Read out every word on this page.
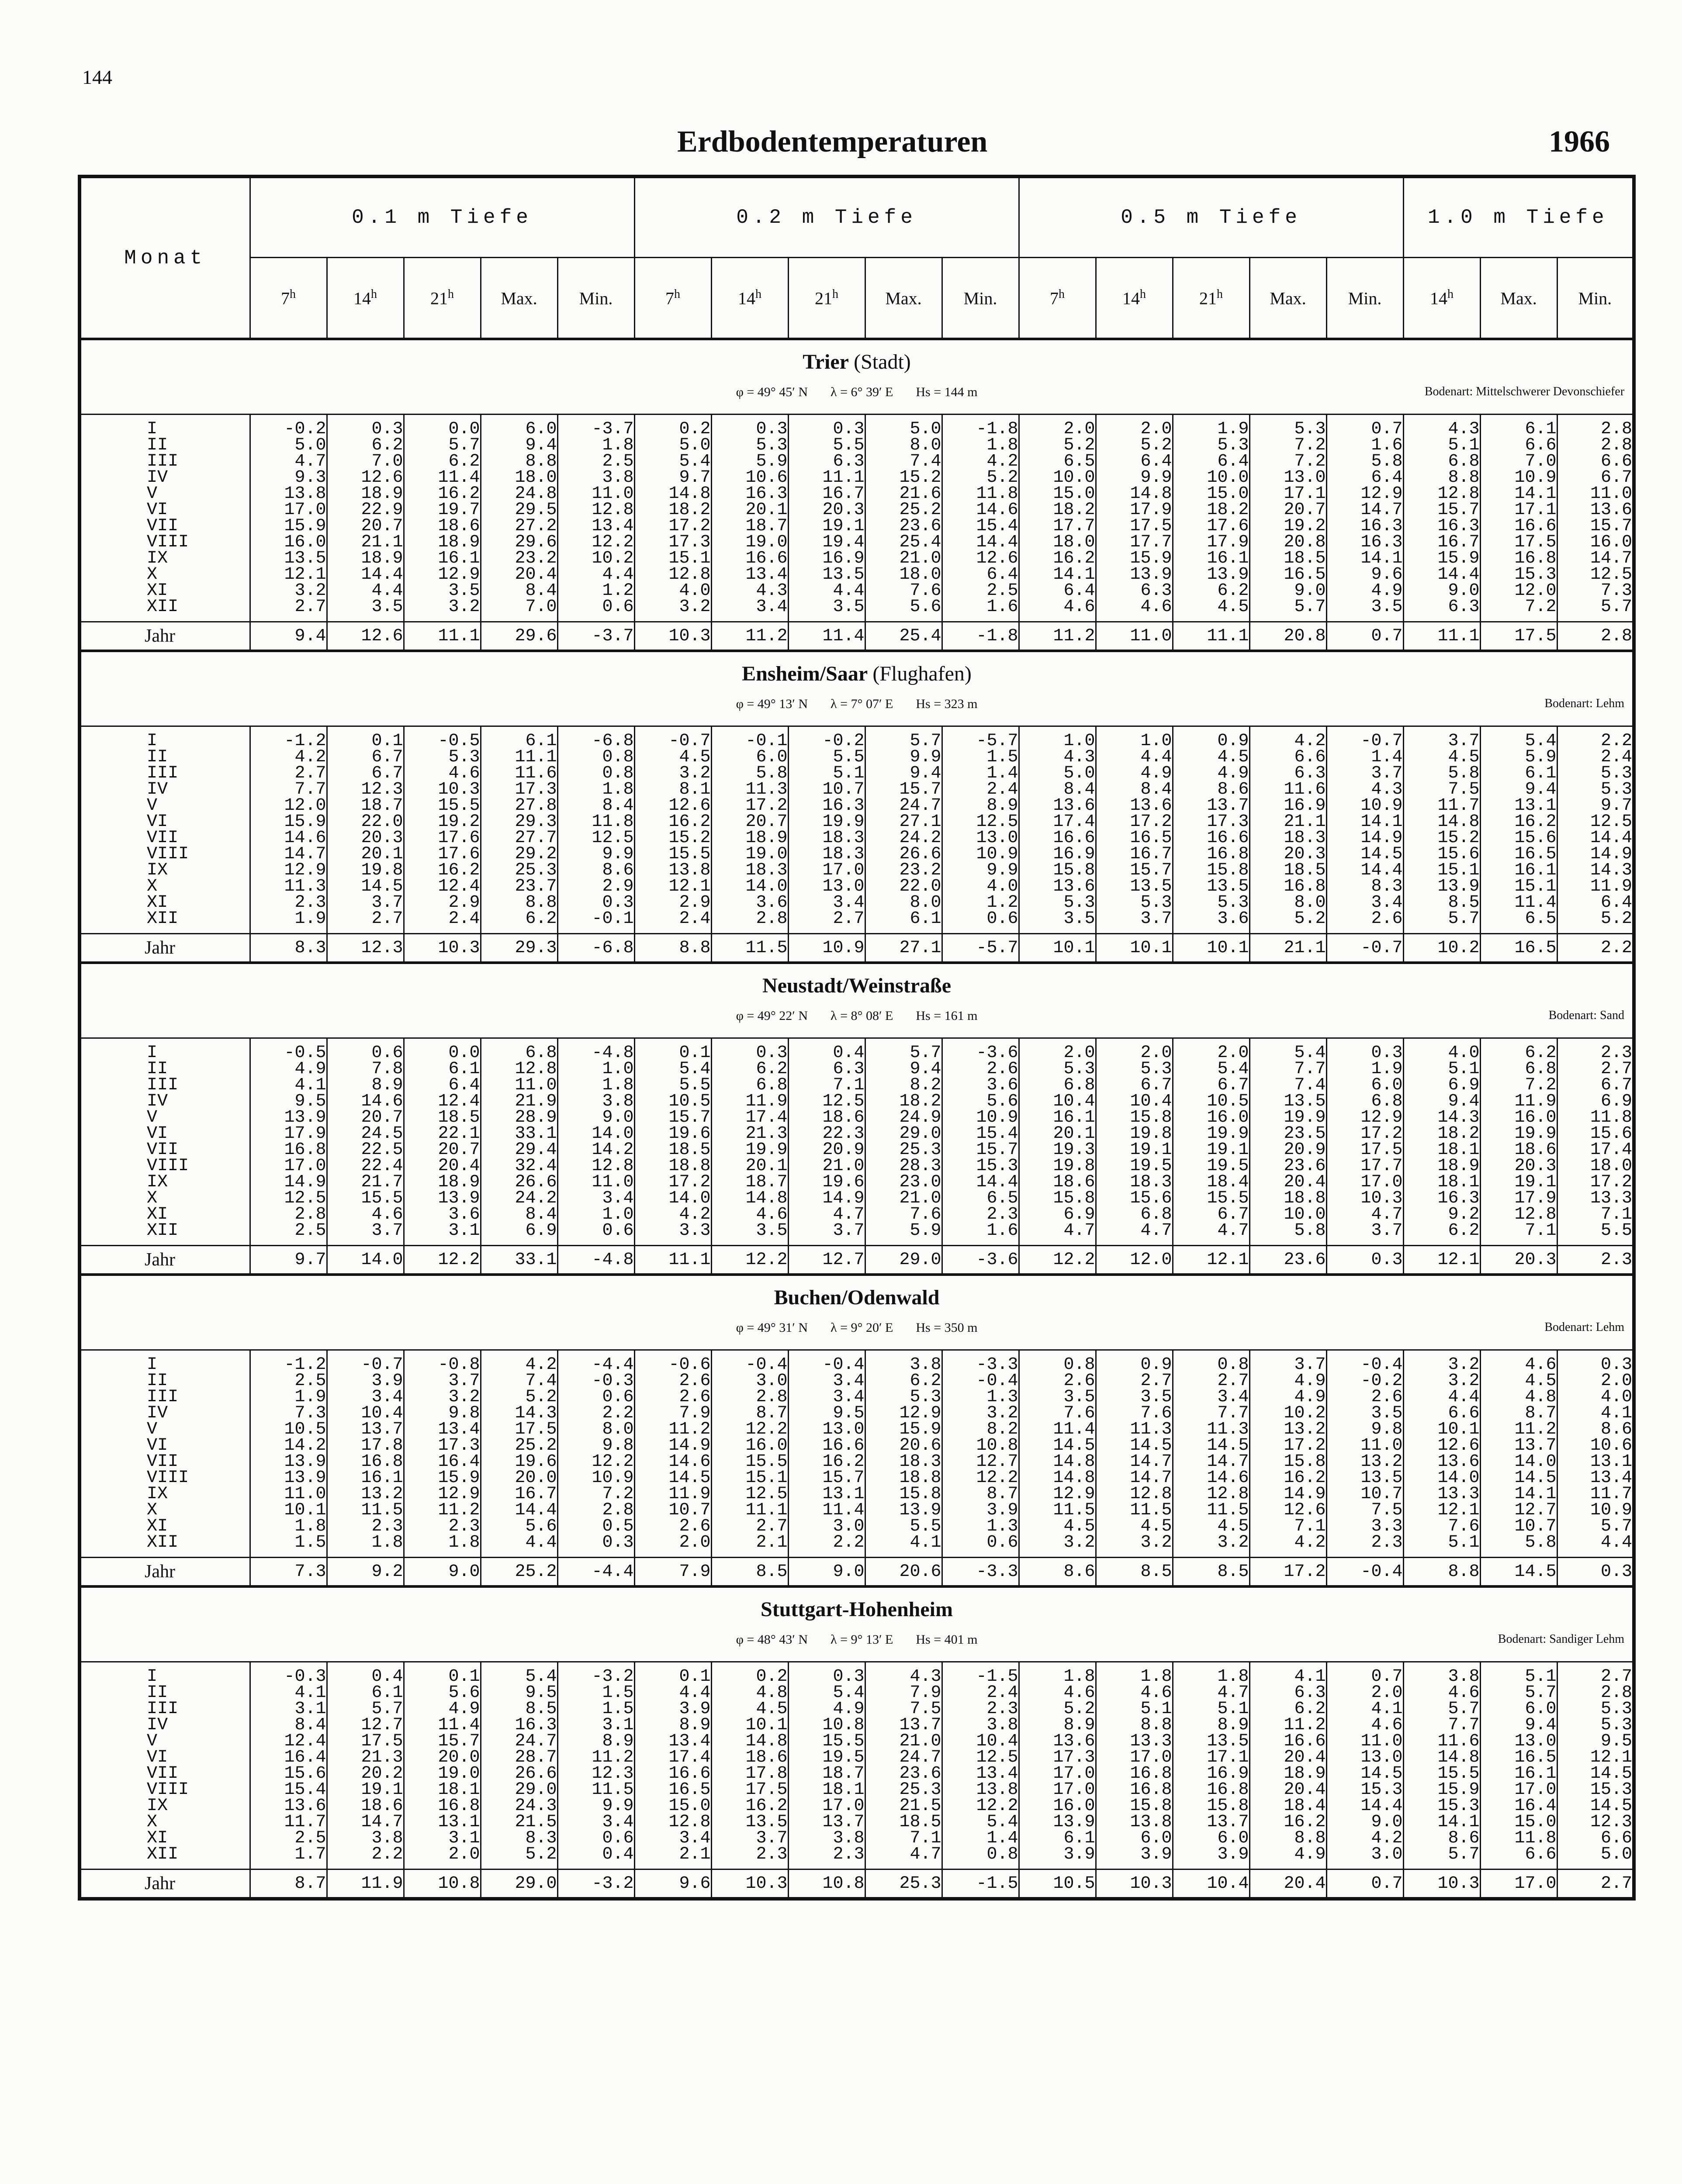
144
Erdbodentemperaturen	1966
Monat	0.1 m Tiefe					0.2 m Tiefe					0.5 m Tiefe					1.0 m Tiefe		
	7$^h$	14$^h$	21$^h$	Max.	Min.	7$^h$	14$^h$	21$^h$	Max.	Min.	7$^h$	14$^h$	21$^h$	Max.	Min.	14$^h$	Max.	Min.

Trier (Stadt)
φ = 49° 45′ N λ = 6° 39′ E Hs = 144 m Bodenart: Mittelschwerer Devonschiefer																		

I	-0.2	0.3	0.0	6.0	-3.7	0.2	0.3	0.3	5.0	-1.8	2.0	2.0	1.9	5.3	0.7	4.3	6.1	2.8
II	5.0	6.2	5.7	9.4	1.8	5.0	5.3	5.5	8.0	1.8	5.2	5.2	5.3	7.2	1.6	5.1	6.6	2.8
III	4.7	7.0	6.2	8.8	2.5	5.4	5.9	6.3	7.4	4.2	6.5	6.4	6.4	7.2	5.8	6.8	7.0	6.6
IV	9.3	12.6	11.4	18.0	3.8	9.7	10.6	11.1	15.2	5.2	10.0	9.9	10.0	13.0	6.4	8.8	10.9	6.7
V	13.8	18.9	16.2	24.8	11.0	14.8	16.3	16.7	21.6	11.8	15.0	14.8	15.0	17.1	12.9	12.8	14.1	11.0
VI	17.0	22.9	19.7	29.5	12.8	18.2	20.1	20.3	25.2	14.6	18.2	17.9	18.2	20.7	14.7	15.7	17.1	13.6
VII	15.9	20.7	18.6	27.2	13.4	17.2	18.7	19.1	23.6	15.4	17.7	17.5	17.6	19.2	16.3	16.3	16.6	15.7
VIII	16.0	21.1	18.9	29.6	12.2	17.3	19.0	19.4	25.4	14.4	18.0	17.7	17.9	20.8	16.3	16.7	17.5	16.0
IX	13.5	18.9	16.1	23.2	10.2	15.1	16.6	16.9	21.0	12.6	16.2	15.9	16.1	18.5	14.1	15.9	16.8	14.7
X	12.1	14.4	12.9	20.4	4.4	12.8	13.4	13.5	18.0	6.4	14.1	13.9	13.9	16.5	9.6	14.4	15.3	12.5
XI	3.2	4.4	3.5	8.4	1.2	4.0	4.3	4.4	7.6	2.5	6.4	6.3	6.2	9.0	4.9	9.0	12.0	7.3
XII	2.7	3.5	3.2	7.0	0.6	3.2	3.4	3.5	5.6	1.6	4.6	4.6	4.5	5.7	3.5	6.3	7.2	5.7
Jahr	9.4	12.6	11.1	29.6	-3.7	10.3	11.2	11.4	25.4	-1.8	11.2	11.0	11.1	20.8	0.7	11.1	17.5	2.8

Ensheim/Saar (Flughafen)
φ = 49° 13′ N λ = 7° 07′ E Hs = 323 m Bodenart: Lehm																		

I	-1.2	0.1	-0.5	6.1	-6.8	-0.7	-0.1	-0.2	5.7	-5.7	1.0	1.0	0.9	4.2	-0.7	3.7	5.4	2.2
II	4.2	6.7	5.3	11.1	0.8	4.5	6.0	5.5	9.9	1.5	4.3	4.4	4.5	6.6	1.4	4.5	5.9	2.4
III	2.7	6.7	4.6	11.6	0.8	3.2	5.8	5.1	9.4	1.4	5.0	4.9	4.9	6.3	3.7	5.8	6.1	5.3
IV	7.7	12.3	10.3	17.3	1.8	8.1	11.3	10.7	15.7	2.4	8.4	8.4	8.6	11.6	4.3	7.5	9.4	5.3
V	12.0	18.7	15.5	27.8	8.4	12.6	17.2	16.3	24.7	8.9	13.6	13.6	13.7	16.9	10.9	11.7	13.1	9.7
VI	15.9	22.0	19.2	29.3	11.8	16.2	20.7	19.9	27.1	12.5	17.4	17.2	17.3	21.1	14.1	14.8	16.2	12.5
VII	14.6	20.3	17.6	27.7	12.5	15.2	18.9	18.3	24.2	13.0	16.6	16.5	16.6	18.3	14.9	15.2	15.6	14.4
VIII	14.7	20.1	17.6	29.2	9.9	15.5	19.0	18.3	26.6	10.9	16.9	16.7	16.8	20.3	14.5	15.6	16.5	14.9
IX	12.9	19.8	16.2	25.3	8.6	13.8	18.3	17.0	23.2	9.9	15.8	15.7	15.8	18.5	14.4	15.1	16.1	14.3
X	11.3	14.5	12.4	23.7	2.9	12.1	14.0	13.0	22.0	4.0	13.6	13.5	13.5	16.8	8.3	13.9	15.1	11.9
XI	2.3	3.7	2.9	8.8	0.3	2.9	3.6	3.4	8.0	1.2	5.3	5.3	5.3	8.0	3.4	8.5	11.4	6.4
XII	1.9	2.7	2.4	6.2	-0.1	2.4	2.8	2.7	6.1	0.6	3.5	3.7	3.6	5.2	2.6	5.7	6.5	5.2
Jahr	8.3	12.3	10.3	29.3	-6.8	8.8	11.5	10.9	27.1	-5.7	10.1	10.1	10.1	21.1	-0.7	10.2	16.5	2.2

Neustadt/Weinstraße
φ = 49° 22′ N λ = 8° 08′ E Hs = 161 m Bodenart: Sand																		

I	-0.5	0.6	0.0	6.8	-4.8	0.1	0.3	0.4	5.7	-3.6	2.0	2.0	2.0	5.4	0.3	4.0	6.2	2.3
II	4.9	7.8	6.1	12.8	1.0	5.4	6.2	6.3	9.4	2.6	5.3	5.3	5.4	7.7	1.9	5.1	6.8	2.7
III	4.1	8.9	6.4	11.0	1.8	5.5	6.8	7.1	8.2	3.6	6.8	6.7	6.7	7.4	6.0	6.9	7.2	6.7
IV	9.5	14.6	12.4	21.9	3.8	10.5	11.9	12.5	18.2	5.6	10.4	10.4	10.5	13.5	6.8	9.4	11.9	6.9
V	13.9	20.7	18.5	28.9	9.0	15.7	17.4	18.6	24.9	10.9	16.1	15.8	16.0	19.9	12.9	14.3	16.0	11.8
VI	17.9	24.5	22.1	33.1	14.0	19.6	21.3	22.3	29.0	15.4	20.1	19.8	19.9	23.5	17.2	18.2	19.9	15.6
VII	16.8	22.5	20.7	29.4	14.2	18.5	19.9	20.9	25.3	15.7	19.3	19.1	19.1	20.9	17.5	18.1	18.6	17.4
VIII	17.0	22.4	20.4	32.4	12.8	18.8	20.1	21.0	28.3	15.3	19.8	19.5	19.5	23.6	17.7	18.9	20.3	18.0
IX	14.9	21.7	18.9	26.6	11.0	17.2	18.7	19.6	23.0	14.4	18.6	18.3	18.4	20.4	17.0	18.1	19.1	17.2
X	12.5	15.5	13.9	24.2	3.4	14.0	14.8	14.9	21.0	6.5	15.8	15.6	15.5	18.8	10.3	16.3	17.9	13.3
XI	2.8	4.6	3.6	8.4	1.0	4.2	4.6	4.7	7.6	2.3	6.9	6.8	6.7	10.0	4.7	9.2	12.8	7.1
XII	2.5	3.7	3.1	6.9	0.6	3.3	3.5	3.7	5.9	1.6	4.7	4.7	4.7	5.8	3.7	6.2	7.1	5.5
Jahr	9.7	14.0	12.2	33.1	-4.8	11.1	12.2	12.7	29.0	-3.6	12.2	12.0	12.1	23.6	0.3	12.1	20.3	2.3

Buchen/Odenwald
φ = 49° 31′ N λ = 9° 20′ E Hs = 350 m Bodenart: Lehm																		

I	-1.2	-0.7	-0.8	4.2	-4.4	-0.6	-0.4	-0.4	3.8	-3.3	0.8	0.9	0.8	3.7	-0.4	3.2	4.6	0.3
II	2.5	3.9	3.7	7.4	-0.3	2.6	3.0	3.4	6.2	-0.4	2.6	2.7	2.7	4.9	-0.2	3.2	4.5	2.0
III	1.9	3.4	3.2	5.2	0.6	2.6	2.8	3.4	5.3	1.3	3.5	3.5	3.4	4.9	2.6	4.4	4.8	4.0
IV	7.3	10.4	9.8	14.3	2.2	7.9	8.7	9.5	12.9	3.2	7.6	7.6	7.7	10.2	3.5	6.6	8.7	4.1
V	10.5	13.7	13.4	17.5	8.0	11.2	12.2	13.0	15.9	8.2	11.4	11.3	11.3	13.2	9.8	10.1	11.2	8.6
VI	14.2	17.8	17.3	25.2	9.8	14.9	16.0	16.6	20.6	10.8	14.5	14.5	14.5	17.2	11.0	12.6	13.7	10.6
VII	13.9	16.8	16.4	19.6	12.2	14.6	15.5	16.2	18.3	12.7	14.8	14.7	14.7	15.8	13.2	13.6	14.0	13.1
VIII	13.9	16.1	15.9	20.0	10.9	14.5	15.1	15.7	18.8	12.2	14.8	14.7	14.6	16.2	13.5	14.0	14.5	13.4
IX	11.0	13.2	12.9	16.7	7.2	11.9	12.5	13.1	15.8	8.7	12.9	12.8	12.8	14.9	10.7	13.3	14.1	11.7
X	10.1	11.5	11.2	14.4	2.8	10.7	11.1	11.4	13.9	3.9	11.5	11.5	11.5	12.6	7.5	12.1	12.7	10.9
XI	1.8	2.3	2.3	5.6	0.5	2.6	2.7	3.0	5.5	1.3	4.5	4.5	4.5	7.1	3.3	7.6	10.7	5.7
XII	1.5	1.8	1.8	4.4	0.3	2.0	2.1	2.2	4.1	0.6	3.2	3.2	3.2	4.2	2.3	5.1	5.8	4.4
Jahr	7.3	9.2	9.0	25.2	-4.4	7.9	8.5	9.0	20.6	-3.3	8.6	8.5	8.5	17.2	-0.4	8.8	14.5	0.3

Stuttgart-Hohenheim
φ = 48° 43′ N λ = 9° 13′ E Hs = 401 m Bodenart: Sandiger Lehm																		

I	-0.3	0.4	0.1	5.4	-3.2	0.1	0.2	0.3	4.3	-1.5	1.8	1.8	1.8	4.1	0.7	3.8	5.1	2.7
II	4.1	6.1	5.6	9.5	1.5	4.4	4.8	5.4	7.9	2.4	4.6	4.6	4.7	6.3	2.0	4.6	5.7	2.8
III	3.1	5.7	4.9	8.5	1.5	3.9	4.5	4.9	7.5	2.3	5.2	5.1	5.1	6.2	4.1	5.7	6.0	5.3
IV	8.4	12.7	11.4	16.3	3.1	8.9	10.1	10.8	13.7	3.8	8.9	8.8	8.9	11.2	4.6	7.7	9.4	5.3
V	12.4	17.5	15.7	24.7	8.9	13.4	14.8	15.5	21.0	10.4	13.6	13.3	13.5	16.6	11.0	11.6	13.0	9.5
VI	16.4	21.3	20.0	28.7	11.2	17.4	18.6	19.5	24.7	12.5	17.3	17.0	17.1	20.4	13.0	14.8	16.5	12.1
VII	15.6	20.2	19.0	26.6	12.3	16.6	17.8	18.7	23.6	13.4	17.0	16.8	16.9	18.9	14.5	15.5	16.1	14.5
VIII	15.4	19.1	18.1	29.0	11.5	16.5	17.5	18.1	25.3	13.8	17.0	16.8	16.8	20.4	15.3	15.9	17.0	15.3
IX	13.6	18.6	16.8	24.3	9.9	15.0	16.2	17.0	21.5	12.2	16.0	15.8	15.8	18.4	14.4	15.3	16.4	14.5
X	11.7	14.7	13.1	21.5	3.4	12.8	13.5	13.7	18.5	5.4	13.9	13.8	13.7	16.2	9.0	14.1	15.0	12.3
XI	2.5	3.8	3.1	8.3	0.6	3.4	3.7	3.8	7.1	1.4	6.1	6.0	6.0	8.8	4.2	8.6	11.8	6.6
XII	1.7	2.2	2.0	5.2	0.4	2.1	2.3	2.3	4.7	0.8	3.9	3.9	3.9	4.9	3.0	5.7	6.6	5.0
Jahr	8.7	11.9	10.8	29.0	-3.2	9.6	10.3	10.8	25.3	-1.5	10.5	10.3	10.4	20.4	0.7	10.3	17.0	2.7
